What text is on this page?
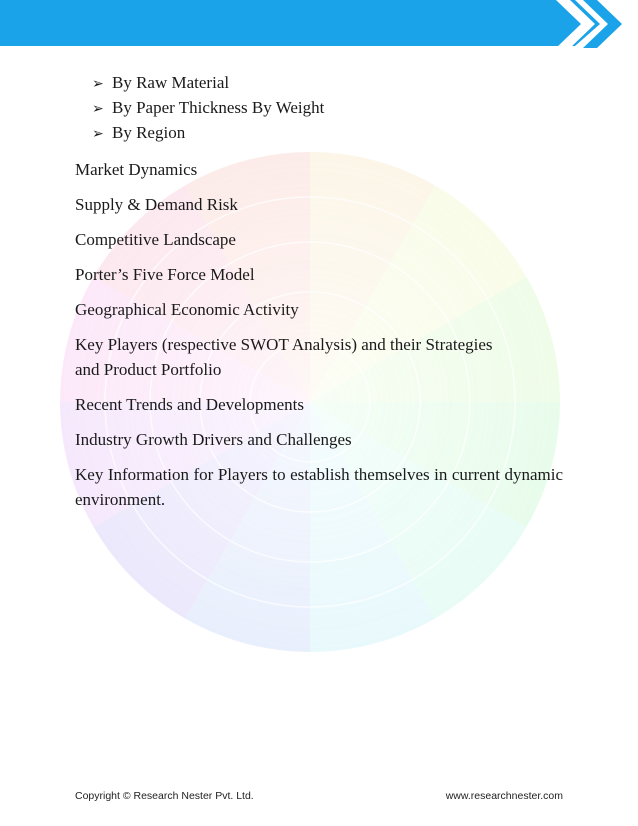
➢ By Raw Material
➢ By Paper Thickness By Weight
➢ By Region
Market Dynamics
Supply & Demand Risk
Competitive Landscape
Porter’s Five Force Model
Geographical Economic Activity
Key Players (respective SWOT Analysis) and their Strategies and Product Portfolio
Recent Trends and Developments
Industry Growth Drivers and Challenges
Key Information for Players to establish themselves in current dynamic environment.
Copyright © Research Nester Pvt. Ltd.	www.researchnester.com
